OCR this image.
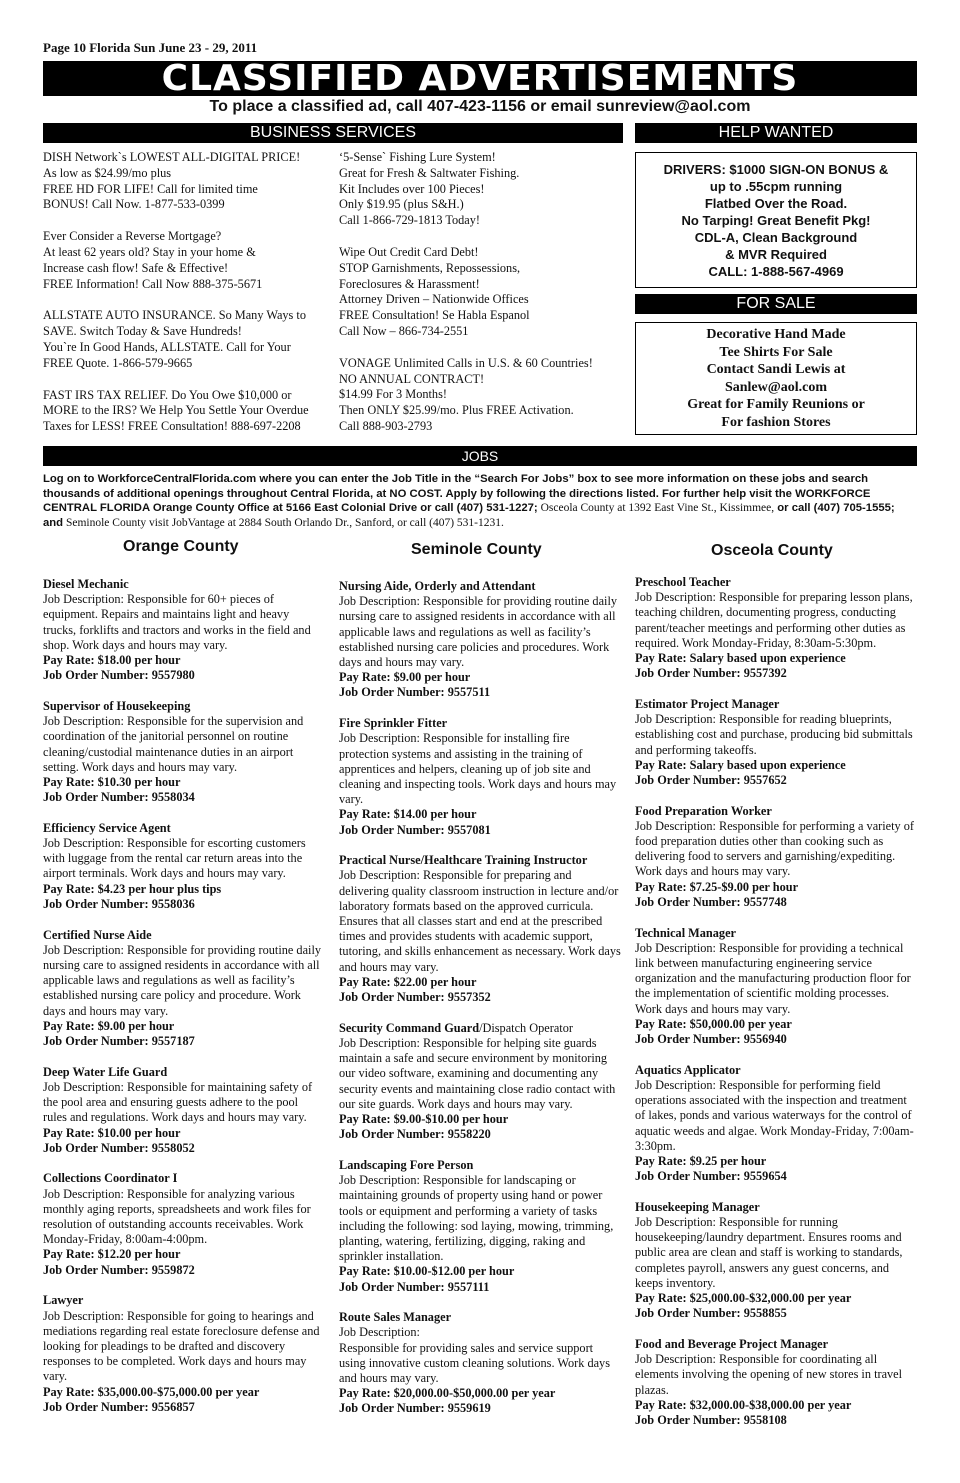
Page 10 Florida Sun June 23 - 29, 2011
CLASSIFIED ADVERTISEMENTS
To place a classified ad, call 407-423-1156 or email sunreview@aol.com
BUSINESS SERVICES	HELP WANTED

DISH Network`s LOWEST ALL-DIGITAL PRICE!
As low as $24.99/mo plus
FREE HD FOR LIFE! Call for limited time
BONUS! Call Now. 1-877-533-0399

Ever Consider a Reverse Mortgage?
At least 62 years old? Stay in your home &
Increase cash flow! Safe & Effective!
FREE Information! Call Now 888-375-5671

ALLSTATE AUTO INSURANCE. So Many Ways to SAVE. Switch Today & Save Hundreds!
You`re In Good Hands, ALLSTATE. Call for Your FREE Quote. 1-866-579-9665

FAST IRS TAX RELIEF. Do You Owe $10,000 or MORE to the IRS? We Help You Settle Your Overdue Taxes for LESS! FREE Consultation! 888-697-2208

‘5-Sense` Fishing Lure System!
Great for Fresh & Saltwater Fishing.
Kit Includes over 100 Pieces!
Only $19.95 (plus S&H.)
Call 1-866-729-1813 Today!

Wipe Out Credit Card Debt!
STOP Garnishments, Repossessions,
Foreclosures & Harassment!
Attorney Driven – Nationwide Offices
FREE Consultation! Se Habla Espanol
Call Now – 866-734-2551

VONAGE Unlimited Calls in U.S. & 60 Countries!
NO ANNUAL CONTRACT!
$14.99 For 3 Months!
Then ONLY $25.99/mo. Plus FREE Activation.
Call 888-903-2793

DRIVERS: $1000 SIGN-ON BONUS &
up to .55cpm running
Flatbed Over the Road.
No Tarping! Great Benefit Pkg!
CDL-A, Clean Background
& MVR Required
CALL: 1-888-567-4969
FOR SALE
Decorative Hand Made
Tee Shirts For Sale
Contact Sandi Lewis at
Sanlew@aol.com
Great for Family Reunions or
For fashion Stores
JOBS
Log on to WorkforceCentralFlorida.com where you can enter the Job Title in the “Search For Jobs” box to see more information on these jobs and search thousands of additional openings throughout Central Florida, at NO COST. Apply by following the directions listed. For further help visit the WORKFORCE CENTRAL FLORIDA Orange County Office at 5166 East Colonial Drive or call (407) 531-1227; Osceola County at 1392 East Vine St., Kissimmee, or call (407) 705-1555; and Seminole County visit JobVantage at 2884 South Orlando Dr., Sanford, or call (407) 531-1231.
Orange County	Seminole County	Osceola County
Diesel Mechanic
Job Description: Responsible for 60+ pieces of equipment. Repairs and maintains light and heavy trucks, forklifts and tractors and works in the field and shop. Work days and hours may vary.
Pay Rate: $18.00 per hour
Job Order Number: 9557980
Supervisor of Housekeeping
Job Description: Responsible for the supervision and coordination of the janitorial personnel on routine cleaning/custodial maintenance duties in an airport setting. Work days and hours may vary.
Pay Rate: $10.30 per hour
Job Order Number: 9558034
Efficiency Service Agent
Job Description: Responsible for escorting customers with luggage from the rental car return areas into the airport terminals. Work days and hours may vary.
Pay Rate: $4.23 per hour plus tips
Job Order Number: 9558036
Certified Nurse Aide
Job Description: Responsible for providing routine daily nursing care to assigned residents in accordance with all applicable laws and regulations as well as facility’s established nursing care policy and procedure. Work days and hours may vary.
Pay Rate: $9.00 per hour
Job Order Number: 9557187
Deep Water Life Guard
Job Description: Responsible for maintaining safety of the pool area and ensuring guests adhere to the pool rules and regulations. Work days and hours may vary.
Pay Rate: $10.00 per hour
Job Order Number: 9558052
Collections Coordinator I
Job Description: Responsible for analyzing various monthly aging reports, spreadsheets and work files for resolution of outstanding accounts receivables. Work Monday-Friday, 8:00am-4:00pm.
Pay Rate: $12.20 per hour
Job Order Number: 9559872
Lawyer
Job Description: Responsible for going to hearings and mediations regarding real estate foreclosure defense and looking for pleadings to be drafted and discovery responses to be completed. Work days and hours may vary.
Pay Rate: $35,000.00-$75,000.00 per year
Job Order Number: 9556857
Nursing Aide, Orderly and Attendant
Job Description: Responsible for providing routine daily nursing care to assigned residents in accordance with all applicable laws and regulations as well as facility’s established nursing care policies and procedures. Work days and hours may vary.
Pay Rate: $9.00 per hour
Job Order Number: 9557511
Fire Sprinkler Fitter
Job Description: Responsible for installing fire protection systems and assisting in the training of apprentices and helpers, cleaning up of job site and cleaning and inspecting tools. Work days and hours may vary.
Pay Rate: $14.00 per hour
Job Order Number: 9557081
Practical Nurse/Healthcare Training Instructor
Job Description: Responsible for preparing and delivering quality classroom instruction in lecture and/or laboratory formats based on the approved curricula. Ensures that all classes start and end at the prescribed times and provides students with academic support, tutoring, and skills enhancement as necessary. Work days and hours may vary.
Pay Rate: $22.00 per hour
Job Order Number: 9557352
Security Command Guard/Dispatch Operator
Job Description: Responsible for helping site guards maintain a safe and secure environment by monitoring our video software, examining and documenting any security events and maintaining close radio contact with our site guards. Work days and hours may vary.
Pay Rate: $9.00-$10.00 per hour
Job Order Number: 9558220
Landscaping Fore Person
Job Description: Responsible for landscaping or maintaining grounds of property using hand or power tools or equipment and performing a variety of tasks including the following: sod laying, mowing, trimming, planting, watering, fertilizing, digging, raking and sprinkler installation.
Pay Rate: $10.00-$12.00 per hour
Job Order Number: 9557111
Route Sales Manager
Job Description:
Responsible for providing sales and service support using innovative custom cleaning solutions. Work days and hours may vary.
Pay Rate: $20,000.00-$50,000.00 per year
Job Order Number: 9559619
Preschool Teacher
Job Description: Responsible for preparing lesson plans, teaching children, documenting progress, conducting parent/teacher meetings and performing other duties as required. Work Monday-Friday, 8:30am-5:30pm.
Pay Rate: Salary based upon experience
Job Order Number: 9557392
Estimator Project Manager
Job Description: Responsible for reading blueprints, establishing cost and purchase, producing bid submittals and performing takeoffs.
Pay Rate: Salary based upon experience
Job Order Number: 9557652
Food Preparation Worker
Job Description: Responsible for performing a variety of food preparation duties other than cooking such as delivering food to servers and garnishing/expediting. Work days and hours may vary.
Pay Rate: $7.25-$9.00 per hour
Job Order Number: 9557748
Technical Manager
Job Description: Responsible for providing a technical link between manufacturing engineering service organization and the manufacturing production floor for the implementation of scientific molding processes. Work days and hours may vary.
Pay Rate: $50,000.00 per year
Job Order Number: 9556940
Aquatics Applicator
Job Description: Responsible for performing field operations associated with the inspection and treatment of lakes, ponds and various waterways for the control of aquatic weeds and algae. Work Monday-Friday, 7:00am-3:30pm.
Pay Rate: $9.25 per hour
Job Order Number: 9559654
Housekeeping Manager
Job Description: Responsible for running housekeeping/laundry department. Ensures rooms and public area are clean and staff is working to standards, completes payroll, answers any guest concerns, and keeps inventory.
Pay Rate: $25,000.00-$32,000.00 per year
Job Order Number: 9558855
Food and Beverage Project Manager
Job Description: Responsible for coordinating all elements involving the opening of new stores in travel plazas.
Pay Rate: $32,000.00-$38,000.00 per year
Job Order Number: 9558108
